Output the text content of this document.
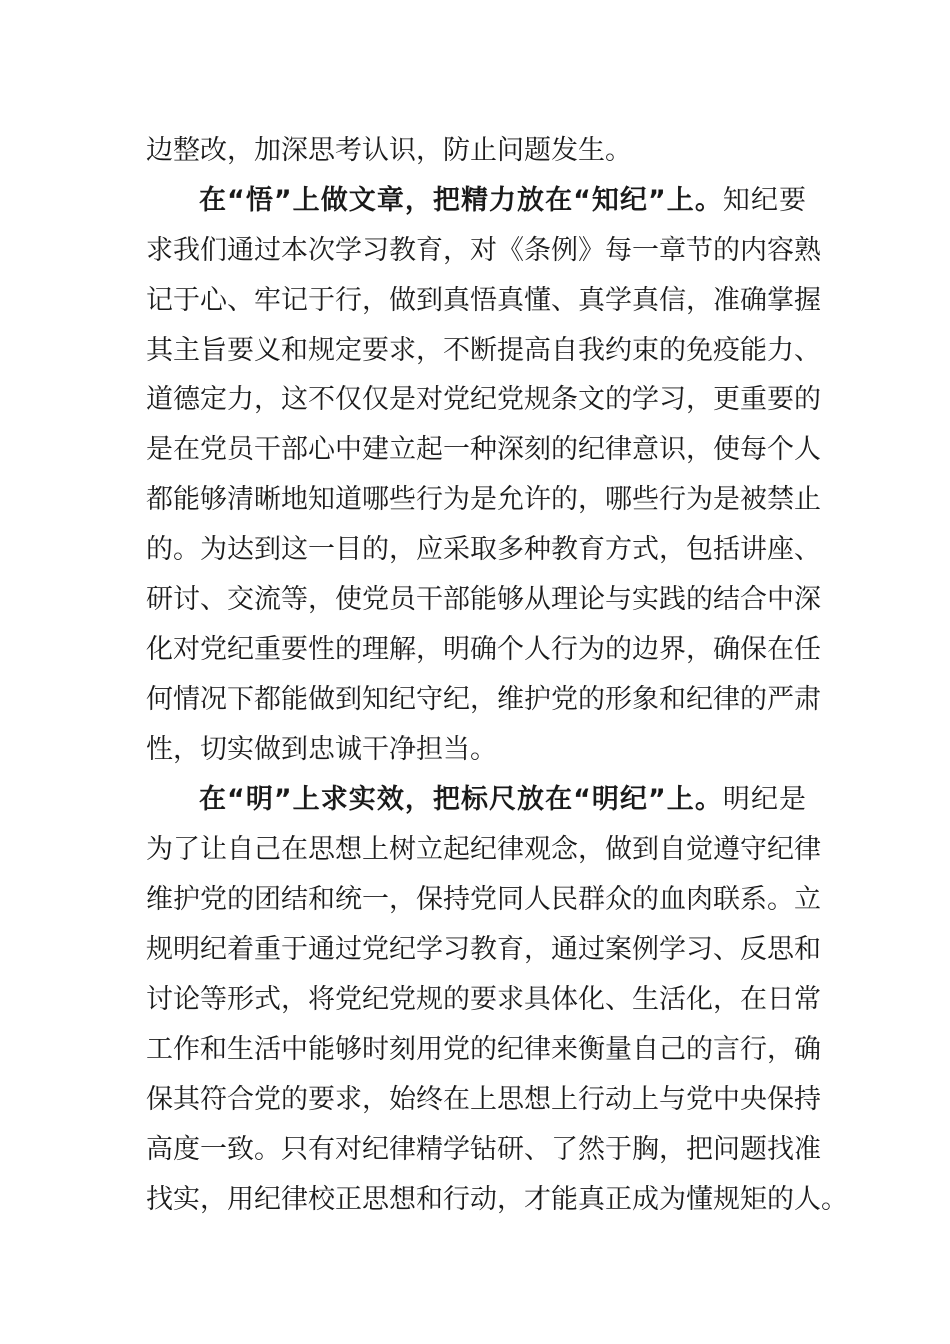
边整改，加深思考认识，防止问题发生。
在“悟”上做文章，把精力放在“知纪”上。知纪要
求我们通过本次学习教育，对《条例》每一章节的内容熟
记于心、牢记于行，做到真悟真懂、真学真信，准确掌握
其主旨要义和规定要求，不断提高自我约束的免疫能力、
道德定力，这不仅仅是对党纪党规条文的学习，更重要的
是在党员干部心中建立起一种深刻的纪律意识，使每个人
都能够清晰地知道哪些行为是允许的，哪些行为是被禁止
的。为达到这一目的，应采取多种教育方式，包括讲座、
研讨、交流等，使党员干部能够从理论与实践的结合中深
化对党纪重要性的理解，明确个人行为的边界，确保在任
何情况下都能做到知纪守纪，维护党的形象和纪律的严肃
性，切实做到忠诚干净担当。
在“明”上求实效，把标尺放在“明纪”上。明纪是
为了让自己在思想上树立起纪律观念，做到自觉遵守纪律
维护党的团结和统一，保持党同人民群众的血肉联系。立
规明纪着重于通过党纪学习教育，通过案例学习、反思和
讨论等形式，将党纪党规的要求具体化、生活化，在日常
工作和生活中能够时刻用党的纪律来衡量自己的言行，确
保其符合党的要求，始终在上思想上行动上与党中央保持
高度一致。只有对纪律精学钻研、了然于胸，把问题找准
找实，用纪律校正思想和行动，才能真正成为懂规矩的人。
